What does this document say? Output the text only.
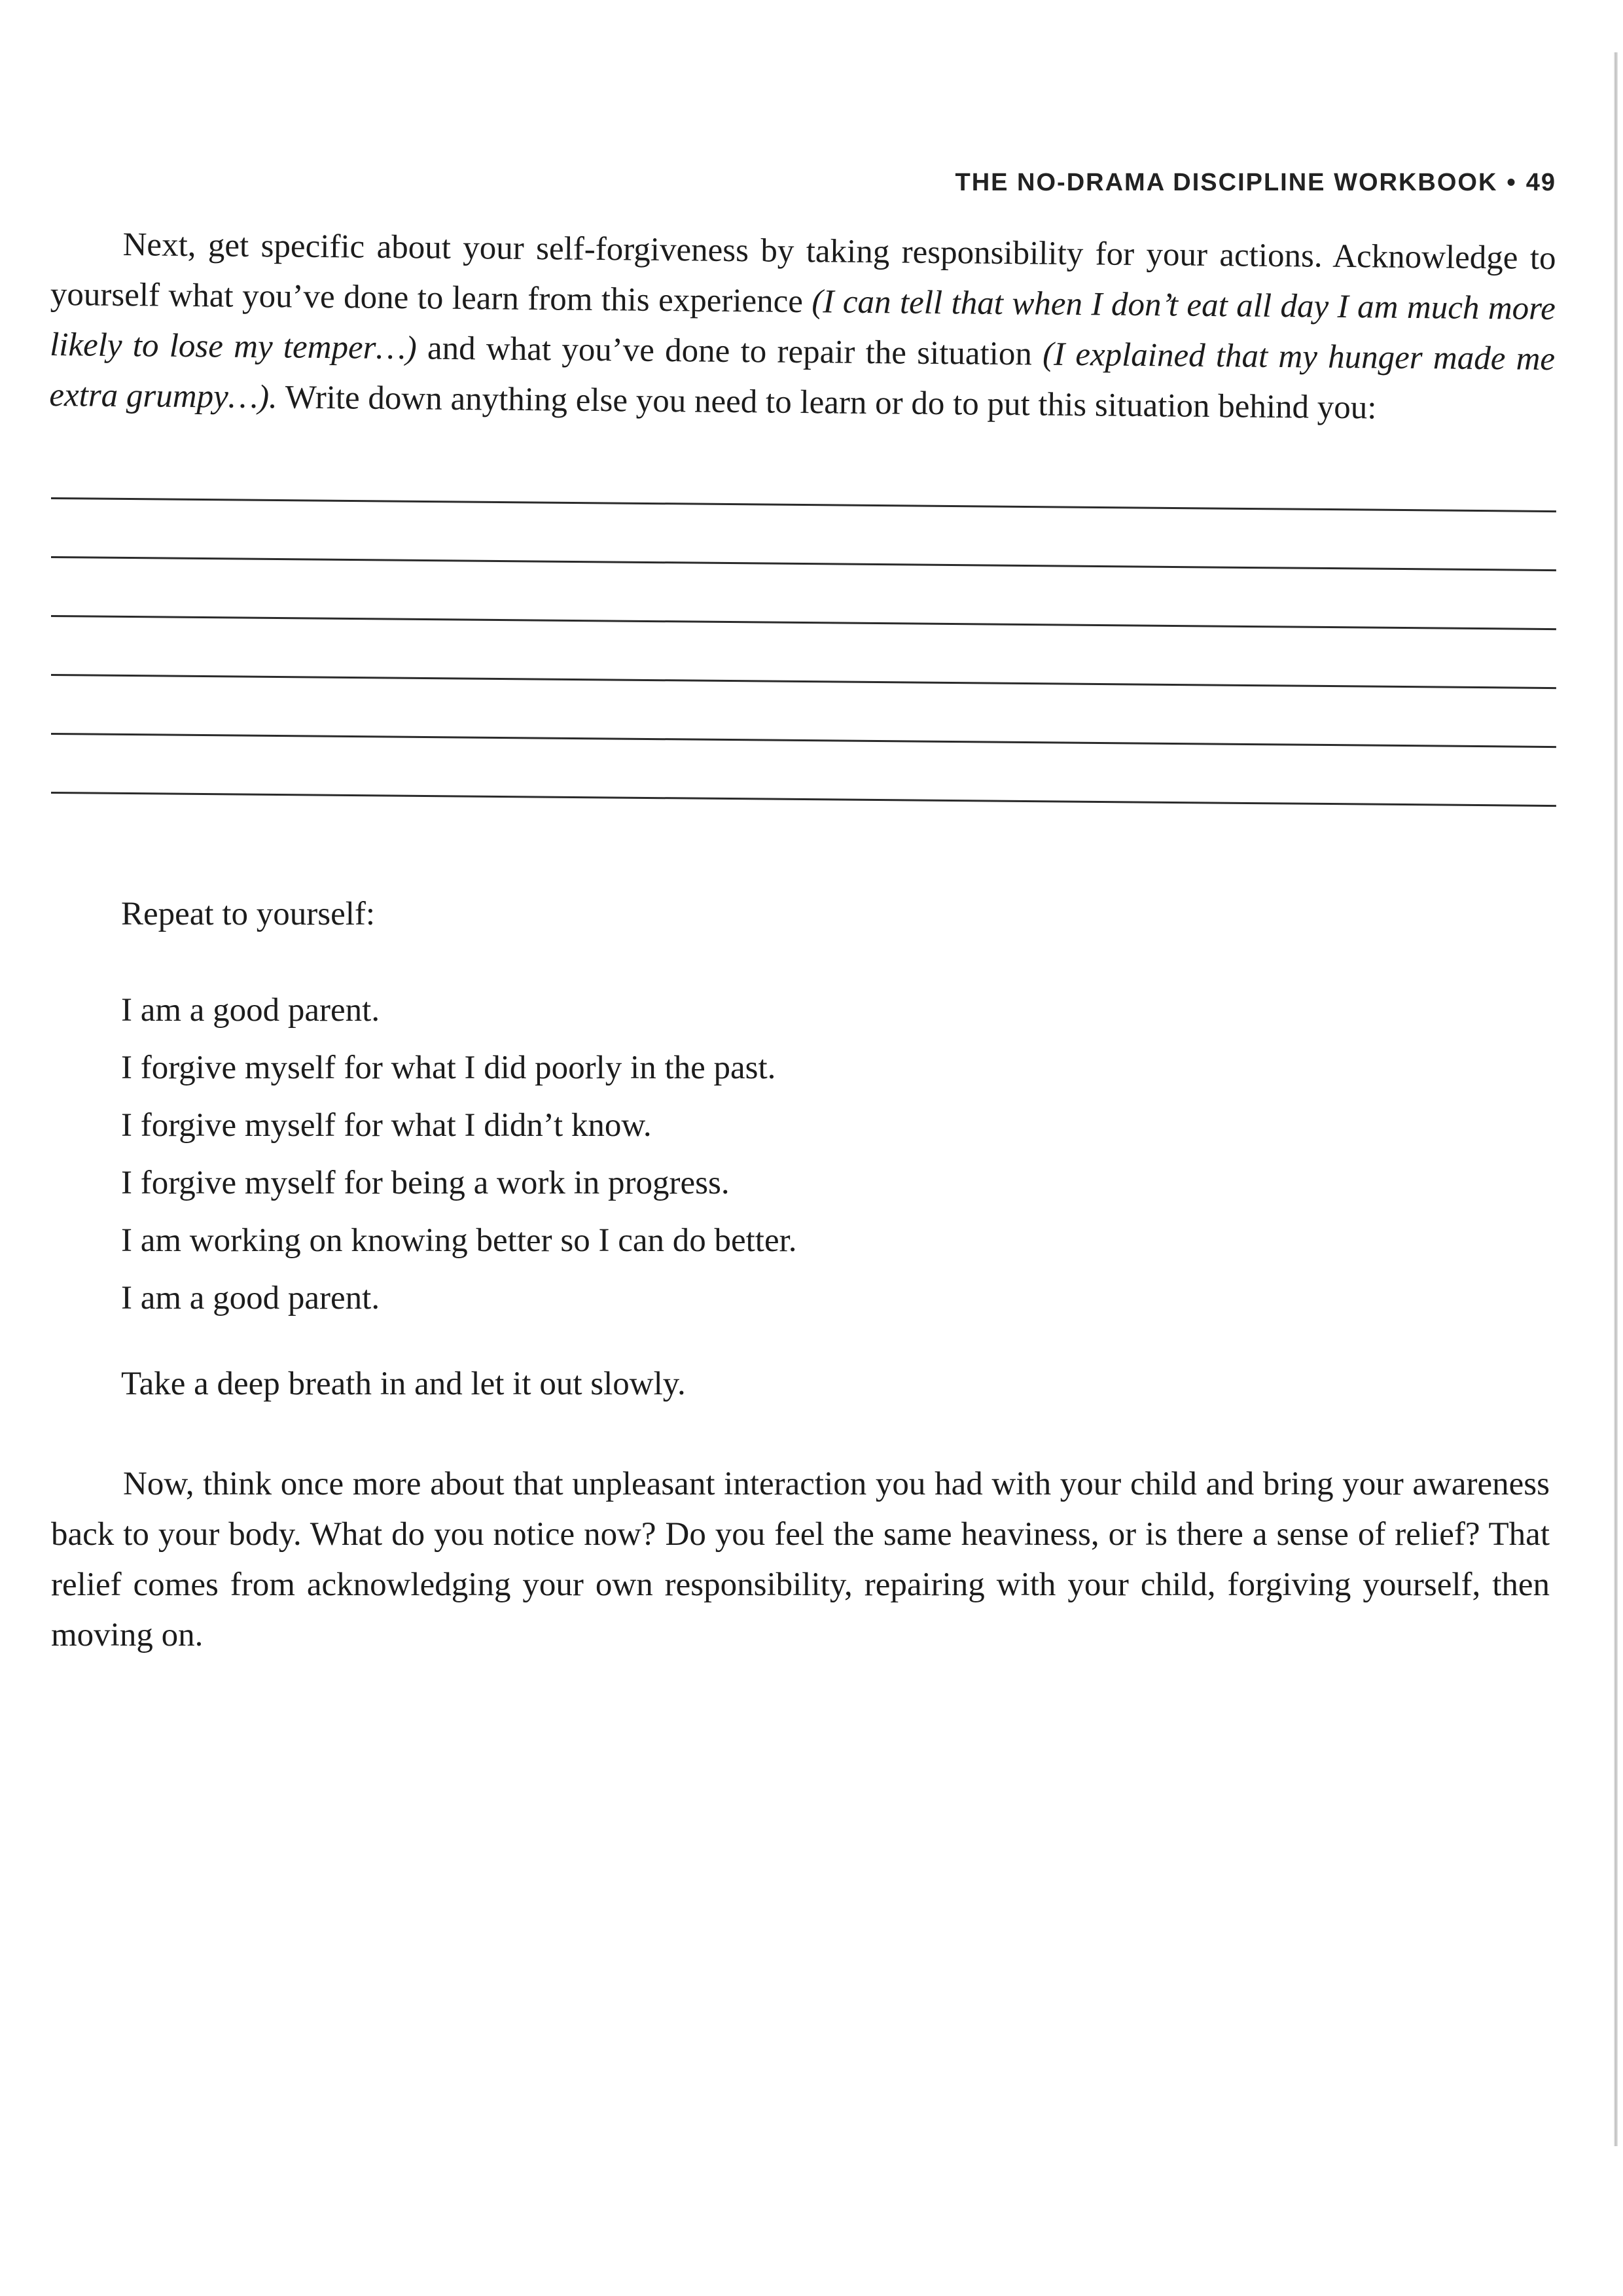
THE NO-DRAMA DISCIPLINE WORKBOOK • 49

Next, get specific about your self-forgiveness by taking responsibility for your actions. Acknowledge to yourself what you’ve done to learn from this experience (I can tell that when I don’t eat all day I am much more likely to lose my temper…) and what you’ve done to repair the situation (I explained that my hunger made me extra grumpy…). Write down anything else you need to learn or do to put this situation behind you:

Repeat to yourself:
I am a good parent.
I forgive myself for what I did poorly in the past.
I forgive myself for what I didn’t know.
I forgive myself for being a work in progress.
I am working on knowing better so I can do better.
I am a good parent.
Take a deep breath in and let it out slowly.

Now, think once more about that unpleasant interaction you had with your child and bring your awareness back to your body. What do you notice now? Do you feel the same heaviness, or is there a sense of relief? That relief comes from acknowledging your own responsibility, repairing with your child, forgiving yourself, then moving on.
